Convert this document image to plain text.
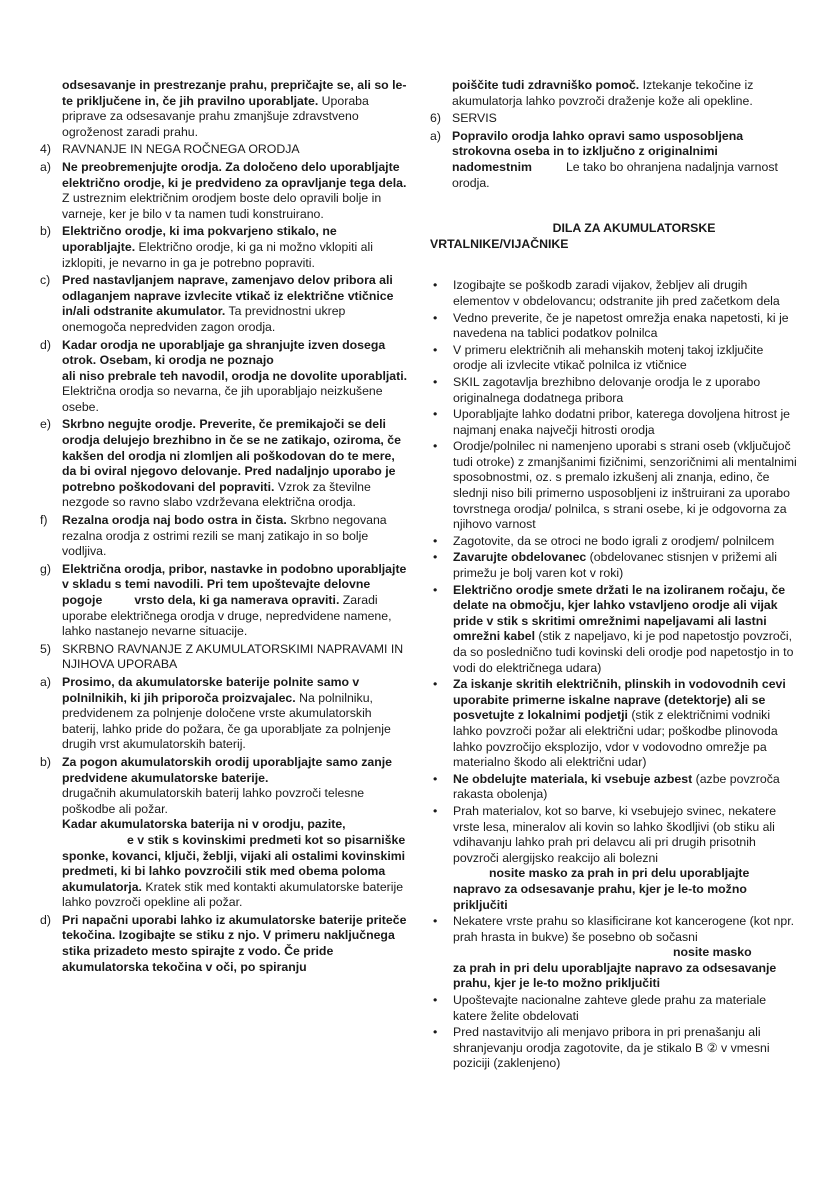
odsesavanje in prestrezanje prahu, prepričajte se, ali so le-te priključene in, če jih pravilno uporabljate. Uporaba priprave za odsesavanje prahu zmanjšuje zdravstveno ogroženost zaradi prahu.

4) RAVNANJE IN NEGA ROČNEGA ORODJA

a) Ne preobremenjujte orodja. Za določeno delo uporabljajte električno orodje, ki je predvideno za opravljanje tega dela. Z ustreznim električnim orodjem boste delo opravili bolje in varneje, ker je bilo v ta namen tudi konstruirano.

b) Električno orodje, ki ima pokvarjeno stikalo, ne uporabljajte. Električno orodje, ki ga ni možno vklopiti ali izklopiti, je nevarno in ga je potrebno popraviti.

c) Pred nastavljanjem naprave, zamenjavo delov pribora ali odlaganjem naprave izvlecite vtikač iz električne vtičnice in/ali odstranite akumulator. Ta previdnostni ukrep onemogoča nepredviden zagon orodja.

d) Kadar orodja ne uporabljaje ga shranjujte izven dosega otrok. Osebam, ki orodja ne poznajo
ali niso prebrale teh navodil, orodja ne dovolite uporabljati. Električna orodja so nevarna, če jih uporabljajo neizkušene osebe.

e) Skrbno negujte orodje. Preverite, če premikajoči se deli orodja delujejo brezhibno in če se ne zatikajo, oziroma, če kakšen del orodja ni zlomljen ali poškodovan do te mere, da bi oviral njegovo delovanje. Pred nadaljnjo uporabo je potrebno poškodovani del popraviti. Vzrok za številne nezgode so ravno slabo vzdrževana električna orodja.

f) Rezalna orodja naj bodo ostra in čista. Skrbno negovana rezalna orodja z ostrimi rezili se manj zatikajo in so bolje vodljiva.

g) Električna orodja, pribor, nastavke in podobno uporabljajte v skladu s temi navodili. Pri tem upoštevajte delovne pogoje	vrsto dela, ki ga namerava opraviti. Zaradi uporabe električnega orodja v druge, nepredvidene namene, lahko nastanejo nevarne situacije.

5) SKRBNO RAVNANJE Z AKUMULATORSKIMI NAPRAVAMI IN NJIHOVA UPORABA

a) Prosimo, da akumulatorske baterije polnite samo v polnilnikih, ki jih priporoča proizvajalec. Na polnilniku, predvidenem za polnjenje določene vrste akumulatorskih baterij, lahko pride do požara, če ga uporabljate za polnjenje drugih vrst akumulatorskih baterij.

b) Za pogon akumulatorskih orodij uporabljajte samo zanje predvidene akumulatorske baterije.
drugačnih akumulatorskih baterij lahko povzroči telesne poškodbe ali požar.
Kadar akumulatorska baterija ni v orodju, pazite,
e v stik s kovinskimi predmeti kot so pisarniške sponke, kovanci, ključi, žeblji, vijaki ali ostalimi kovinskimi predmeti, ki bi lahko povzročili stik med obema poloma akumulatorja. Kratek stik med kontakti akumulatorske baterije lahko povzroči opekline ali požar.

d) Pri napačni uporabi lahko iz akumulatorske baterije priteče tekočina. Izogibajte se stiku z njo. V primeru naključnega stika prizadeto mesto spirajte z vodo. Če pride akumulatorska tekočina v oči, po spiranju

poiščite tudi zdravniško pomoč. Iztekanje tekočine iz akumulatorja lahko povzroči draženje kože ali opekline.

6) SERVIS

a) Popravilo orodja lahko opravi samo usposobljena strokovna oseba in to izključno z originalnimi
nadomestnim	Le tako bo ohranjena nadaljnja varnost orodja.

DILA ZA AKUMULATORSKE
VRTALNIKE/VIJAČNIKE

• Izogibajte se poškodb zaradi vijakov, žebljev ali drugih elementov v obdelovancu; odstranite jih pred začetkom dela

• Vedno preverite, če je napetost omrežja enaka napetosti, ki je navedena na tablici podatkov polnilca

• V primeru električnih ali mehanskih motenj takoj izključite orodje ali izvlecite vtikač polnilca iz vtičnice

• SKIL zagotavlja brezhibno delovanje orodja le z uporabo originalnega dodatnega pribora

• Uporabljajte lahko dodatni pribor, katerega dovoljena hitrost je najmanj enaka največji hitrosti orodja

• Orodje/polnilec ni namenjeno uporabi s strani oseb (vključujoč tudi otroke) z zmanjšanimi fizičnimi, senzoričnimi ali mentalnimi sposobnostmi, oz. s premalo izkušenj ali znanja, edino, če slednji niso bili primerno usposobljeni iz inštruirani za uporabo tovrstnega orodja/ polnilca, s strani osebe, ki je odgovorna za njihovo varnost

• Zagotovite, da se otroci ne bodo igrali z orodjem/ polnilcem

• Zavarujte obdelovanec (obdelovanec stisnjen v prižemi ali primežu je bolj varen kot v roki)

• Električno orodje smete držati le na izoliranem ročaju, če delate na območju, kjer lahko vstavljeno orodje ali vijak pride v stik s skritimi omrežnimi napeljavami ali lastni omrežni kabel (stik z napeljavo, ki je pod napetostjo povzroči, da so poslednično tudi kovinski deli orodje pod napetostjo in to vodi do električnega udara)

• Za iskanje skritih električnih, plinskih in vodovodnih cevi uporabite primerne iskalne naprave (detektorje) ali se posvetujte z lokalnimi podjetji (stik z električnimi vodniki lahko povzroči požar ali električni udar; poškodbe plinovoda lahko povzročijo eksplozijo, vdor v vodovodno omrežje pa materialno škodo ali električni udar)

• Ne obdelujte materiala, ki vsebuje azbest (azbe povzroča rakasta obolenja)

• Prah materialov, kot so barve, ki vsebujejo svinec, nekatere vrste lesa, mineralov ali kovin so lahko škodljivi (ob stiku ali vdihavanju lahko prah pri delavcu ali pri drugih prisotnih povzroči alergijsko reakcijo ali bolezni
nosite masko za prah in pri delu uporabljajte napravo za odsesavanje prahu, kjer je le-to možno priključiti

• Nekatere vrste prahu so klasificirane kot kancerogene (kot npr. prah hrasta in bukve) še posebno ob sočasni
nosite masko
za prah in pri delu uporabljajte napravo za odsesavanje prahu, kjer je le-to možno priključiti

• Upoštevajte nacionalne zahteve glede prahu za materiale katere želite obdelovati

• Pred nastavitvijo ali menjavo pribora in pri prenašanju ali shranjevanju orodja zagotovite, da je stikalo B ② v vmesni poziciji (zaklenjeno)
